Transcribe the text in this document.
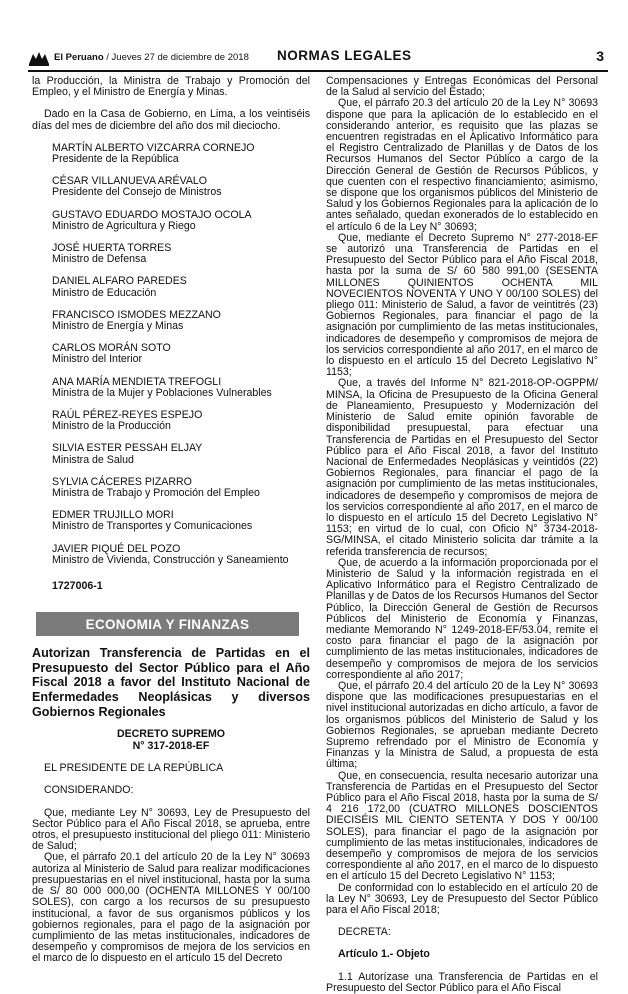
El Peruano / Jueves 27 de diciembre de 2018 NORMAS LEGALES	3

la Producción, la Ministra de Trabajo y Promoción del Empleo, y el Ministro de Energía y Minas.

Dado en la Casa de Gobierno, en Lima, a los veintiséis días del mes de diciembre del año dos mil dieciocho.

MARTÍN ALBERTO VIZCARRA CORNEJO
Presidente de la República
CÉSAR VILLANUEVA ARÉVALO
Presidente del Consejo de Ministros
GUSTAVO EDUARDO MOSTAJO OCOLA
Ministro de Agricultura y Riego
JOSÉ HUERTA TORRES
Ministro de Defensa
DANIEL ALFARO PAREDES
Ministro de Educación
FRANCISCO ISMODES MEZZANO
Ministro de Energía y Minas
CARLOS MORÁN SOTO
Ministro del Interior
ANA MARÍA MENDIETA TREFOGLI
Ministra de la Mujer y Poblaciones Vulnerables
RAÚL PÉREZ-REYES ESPEJO
Ministro de la Producción
SILVIA ESTER PESSAH ELJAY
Ministra de Salud
SYLVIA CÁCERES PIZARRO
Ministra de Trabajo y Promoción del Empleo
EDMER TRUJILLO MORI
Ministro de Transportes y Comunicaciones
JAVIER PIQUÉ DEL POZO
Ministro de Vivienda, Construcción y Saneamiento
1727006-1
ECONOMIA Y FINANZAS
Autorizan Transferencia de Partidas en el Presupuesto del Sector Público para el Año Fiscal 2018 a favor del Instituto Nacional de Enfermedades Neoplásicas y diversos Gobiernos Regionales
DECRETO SUPREMO
N° 317-2018-EF

EL PRESIDENTE DE LA REPÚBLICA

CONSIDERANDO:

Que, mediante Ley N° 30693, Ley de Presupuesto del Sector Público para el Año Fiscal 2018, se aprueba, entre otros, el presupuesto institucional del pliego 011: Ministerio de Salud;

Que, el párrafo 20.1 del artículo 20 de la Ley N° 30693 autoriza al Ministerio de Salud para realizar modificaciones presupuestarias en el nivel institucional, hasta por la suma de S/ 80 000 000,00 (OCHENTA MILLONES Y 00/100 SOLES), con cargo a los recursos de su presupuesto institucional, a favor de sus organismos públicos y los gobiernos regionales, para el pago de la asignación por cumplimiento de las metas institucionales, indicadores de desempeño y compromisos de mejora de los servicios en el marco de lo dispuesto en el artículo 15 del Decreto

Compensaciones y Entregas Económicas del Personal de la Salud al servicio del Estado;

Que, el párrafo 20.3 del artículo 20 de la Ley N° 30693 dispone que para la aplicación de lo establecido en el considerando anterior, es requisito que las plazas se encuentren registradas en el Aplicativo Informático para el Registro Centralizado de Planillas y de Datos de los Recursos Humanos del Sector Público a cargo de la Dirección General de Gestión de Recursos Públicos, y que cuenten con el respectivo financiamiento; asimismo, se dispone que los organismos públicos del Ministerio de Salud y los Gobiernos Regionales para la aplicación de lo antes señalado, quedan exonerados de lo establecido en el artículo 6 de la Ley N° 30693;

Que, mediante el Decreto Supremo N° 277-2018-EF se autorizó una Transferencia de Partidas en el Presupuesto del Sector Público para el Año Fiscal 2018, hasta por la suma de S/ 60 580 991,00 (SESENTA MILLONES QUINIENTOS OCHENTA MIL NOVECIENTOS NOVENTA Y UNO Y 00/100 SOLES) del pliego 011: Ministerio de Salud, a favor de veintitrés (23) Gobiernos Regionales, para financiar el pago de la asignación por cumplimiento de las metas institucionales, indicadores de desempeño y compromisos de mejora de los servicios correspondiente al año 2017, en el marco de lo dispuesto en el artículo 15 del Decreto Legislativo N° 1153;

Que, a través del Informe N° 821-2018-OP-OGPPM/ MINSA, la Oficina de Presupuesto de la Oficina General de Planeamiento, Presupuesto y Modernización del Ministerio de Salud emite opinión favorable de disponibilidad presupuestal, para efectuar una Transferencia de Partidas en el Presupuesto del Sector Público para el Año Fiscal 2018, a favor del Instituto Nacional de Enfermedades Neoplásicas y veintidós (22) Gobiernos Regionales, para financiar el pago de la asignación por cumplimiento de las metas institucionales, indicadores de desempeño y compromisos de mejora de los servicios correspondiente al año 2017, en el marco de lo dispuesto en el artículo 15 del Decreto Legislativo N° 1153; en virtud de lo cual, con Oficio N° 3734-2018-SG/MINSA, el citado Ministerio solicita dar trámite a la referida transferencia de recursos;

Que, de acuerdo a la información proporcionada por el Ministerio de Salud y la información registrada en el Aplicativo Informático para el Registro Centralizado de Planillas y de Datos de los Recursos Humanos del Sector Público, la Dirección General de Gestión de Recursos Públicos del Ministerio de Economía y Finanzas, mediante Memorando N° 1249-2018-EF/53.04, remite el costo para financiar el pago de la asignación por cumplimiento de las metas institucionales, indicadores de desempeño y compromisos de mejora de los servicios correspondiente al año 2017;

Que, el párrafo 20.4 del artículo 20 de la Ley N° 30693 dispone que las modificaciones presupuestarias en el nivel institucional autorizadas en dicho artículo, a favor de los organismos públicos del Ministerio de Salud y los Gobiernos Regionales, se aprueban mediante Decreto Supremo refrendado por el Ministro de Economía y Finanzas y la Ministra de Salud, a propuesta de esta última;

Que, en consecuencia, resulta necesario autorizar una Transferencia de Partidas en el Presupuesto del Sector Público para el Año Fiscal 2018, hasta por la suma de S/ 4 216 172,00 (CUATRO MILLONES DOSCIENTOS DIECISÉIS MIL CIENTO SETENTA Y DOS Y 00/100 SOLES), para financiar el pago de la asignación por cumplimiento de las metas institucionales, indicadores de desempeño y compromisos de mejora de los servicios correspondiente al año 2017, en el marco de lo dispuesto en el artículo 15 del Decreto Legislativo N° 1153;

De conformidad con lo establecido en el artículo 20 de la Ley N° 30693, Ley de Presupuesto del Sector Público para el Año Fiscal 2018;

DECRETA:

Artículo 1.- Objeto

1.1 Autorízase una Transferencia de Partidas en el Presupuesto del Sector Público para el Año Fiscal
